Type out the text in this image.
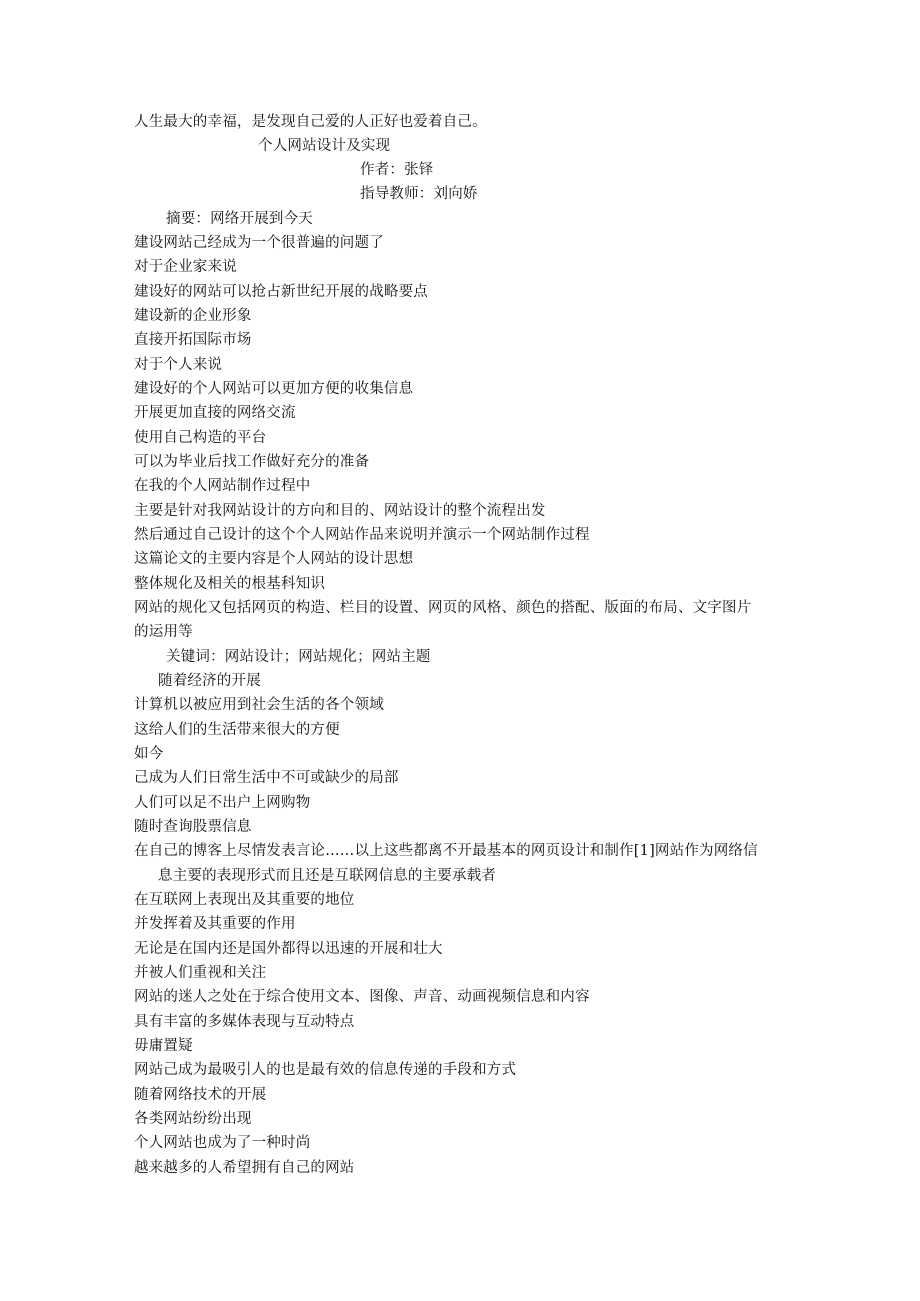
人生最大的幸福，是发现自己爱的人正好也爱着自己。
个人网站设计及实现
作者：张铎
指导教师：刘向娇
摘要：网络开展到今天
建设网站己经成为一个很普遍的问题了
对于企业家来说
建设好的网站可以抢占新世纪开展的战略要点
建设新的企业形象
直接开拓国际市场
对于个人来说
建设好的个人网站可以更加方便的收集信息
开展更加直接的网络交流
使用自己构造的平台
可以为毕业后找工作做好充分的准备
在我的个人网站制作过程中
主要是针对我网站设计的方向和目的、网站设计的整个流程出发
然后通过自己设计的这个个人网站作品来说明并演示一个网站制作过程
这篇论文的主要内容是个人网站的设计思想
整体规化及相关的根基科知识
网站的规化又包括网页的构造、栏目的设置、网页的风格、颜色的搭配、版面的布局、文字图片
的运用等
关键词：网站设计；网站规化；网站主题
随着经济的开展
计算机以被应用到社会生活的各个领域
这给人们的生活带来很大的方便
如今
己成为人们日常生活中不可或缺少的局部
人们可以足不出户上网购物
随时查询股票信息
在自己的博客上尽情发表言论……以上这些都离不开最基本的网页设计和制作[1]网站作为网络信
息主要的表现形式而且还是互联网信息的主要承载者
在互联网上表现出及其重要的地位
并发挥着及其重要的作用
无论是在国内还是国外都得以迅速的开展和壮大
并被人们重视和关注
网站的迷人之处在于综合使用文本、图像、声音、动画视频信息和内容
具有丰富的多媒体表现与互动特点
毋庸置疑
网站己成为最吸引人的也是最有效的信息传递的手段和方式
随着网络技术的开展
各类网站纷纷出现
个人网站也成为了一种时尚
越来越多的人希望拥有自己的网站
